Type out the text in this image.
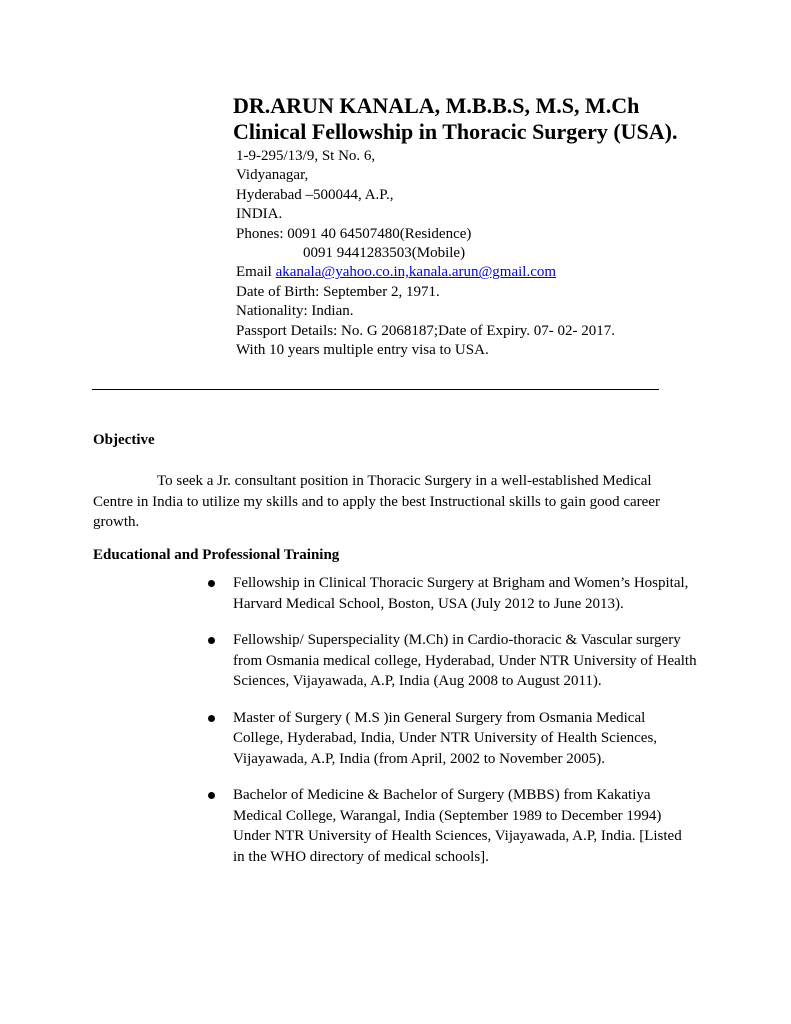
DR.ARUN KANALA, M.B.B.S, M.S, M.Ch

Clinical Fellowship in Thoracic Surgery (USA).

1-9-295/13/9, St No. 6,

Vidyanagar,

Hyderabad –500044, A.P.,

INDIA.

Phones: 0091 40 64507480(Residence)

0091 9441283503(Mobile)

Email akanala@yahoo.co.in,kanala.arun@gmail.com

Date of Birth: September 2, 1971.

Nationality: Indian.

Passport Details: No. G 2068187;Date of Expiry. 07- 02- 2017.

With 10 years multiple entry visa to USA.

Objective

To seek a Jr. consultant position in Thoracic Surgery in a well-established Medical Centre in India to utilize my skills and to apply the best Instructional skills to gain good career growth.

Educational and Professional Training

Fellowship in Clinical Thoracic Surgery at Brigham and Women’s Hospital, Harvard Medical School, Boston, USA (July 2012 to June 2013).
Fellowship/ Superspeciality (M.Ch) in Cardio-thoracic & Vascular surgery from Osmania medical college, Hyderabad, Under NTR University of Health Sciences, Vijayawada, A.P, India (Aug 2008 to August 2011).
Master of Surgery ( M.S )in General Surgery from Osmania Medical College, Hyderabad, India, Under NTR University of Health Sciences, Vijayawada, A.P, India (from April, 2002 to November 2005).
Bachelor of Medicine & Bachelor of Surgery (MBBS) from Kakatiya Medical College, Warangal, India (September 1989 to December 1994) Under NTR University of Health Sciences, Vijayawada, A.P, India. [Listed in the WHO directory of medical schools].
